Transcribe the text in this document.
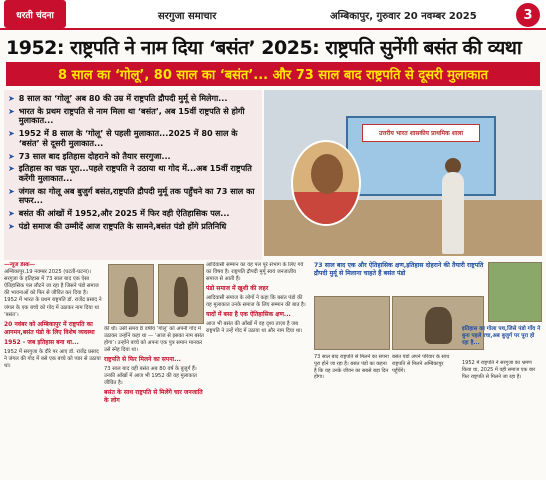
धरती चंदना	सरगुजा समाचार	अम्बिकापुर, गुरुवार 20 नवम्बर 2025	3
1952: राष्ट्रपति ने नाम दिया ‘बसंत’ 2025: राष्ट्रपति सुनेंगी बसंत की व्यथा
8 साल का ‘गोलू’, 80 साल का ‘बसंत’... और 73 साल बाद राष्ट्रपति से दूसरी मुलाकात
➤ 8 साल का ‘गोलू’ अब 80 की उम्र में राष्ट्रपति द्रौपदी मुर्मू से मिलेगा...
➤ भारत के प्रथम राष्ट्रपति से नाम मिला था ‘बसंत’, अब 15वीं राष्ट्रपति से होगी मुलाकात...
➤ 1952 में 8 साल के ‘गोलू’ से पहली मुलाकात...2025 में 80 साल के ‘बसंत’ से दूसरी मुलाकात...
➤ 73 साल बाद इतिहास दोहराने को तैयार सरगुजा...
➤ इतिहास का चक्र पूरा...पहले राष्ट्रपति ने उठाया था गोद में...अब 15वीं राष्ट्रपति करेंगी मुलाकात...
➤ जंगल का गोलू अब बुजुर्ग बसंत,राष्ट्रपति द्रौपदी मुर्मू तक पहुँचने का 73 साल का सफर...
➤ बसंत की आंखों में 1952,और 2025 में फिर वही ऐतिहासिक पल...
➤ पंडो समाज की उम्मीदें आज राष्ट्रपति के सामने,बसंत पंडो होंगे प्रतिनिधि
उत्तरीय भारत शासकीय प्राथमिक शाला
—न्यूज डेस्क—
अम्बिकापुर,19 नवम्बर 2025 (घटती-घटना)। सरगुजा के इतिहास में 73 साल बाद एक ऐसा ऐतिहासिक पल लौटने जा रहा है जिसने पंडो समाज की भावनाओं को फिर से जीवित कर दिया है। 1952 में भारत के प्रथम राष्ट्रपति डॉ. राजेंद्र प्रसाद ने जंगल के एक बच्चे को गोद में उठाकर नाम दिया था ‘बसंत’।
20 नवंबर को अम्बिकापुर में राष्ट्रपति का आगमन,बसंत पंडो के लिए विशेष व्यवस्था
1952 - जब इतिहास बना था...
1952 में सरगुजा के दौरे पर आए डॉ. राजेंद्र प्रसाद ने जंगल की गोद में बसे एक बच्चे को प्यार से उठाया था।
की थी। उसी समय 8 वर्षीय ‘गोलू’ को अपनी गोद में उठाकर उन्होंने कहा था — ‘आज से इसका नाम बसंत होगा’। उन्होंने बच्चे को अपना एक पुत्र समान मानकर उसे स्नेह दिया था।
राष्ट्रपति से फिर मिलने का सपना...
73 साल बाद वही बसंत अब 80 वर्ष के बुजुर्ग हैं। उनकी आँखों में आज भी 1952 की वह मुलाकात जीवित है।
बसंत के साथ राष्ट्रपति से मिलेंगे चार जनजाति के लोग
आदिवासी सम्मान का यह पल पूरे संभाग के लिए गर्व का विषय है। राष्ट्रपति द्रौपदी मुर्मू स्वयं जनजातीय समाज से आती हैं।
पंडो समाज में खुशी की लहर
आदिवासी समाज के लोगों ने कहा कि बसंत पंडो की यह मुलाकात उनके समाज के लिए सम्मान की बात है।
यादों में बसा है एक ऐतिहासिक क्षण...
आज भी बसंत की आँखों में वह दृश्य ताज़ा है जब राष्ट्रपति ने उन्हें गोद में उठाया था और नाम दिया था।
73 साल बाद एक और ऐतिहासिक क्षण,इतिहास दोहराने की तैयारी राष्ट्रपति द्रौपदी मुर्मू से मिलाना चाहते हैं बसंत पंडो
73 साल बाद राष्ट्रपति से मिलने का सपना पूरा होने जा रहा है। बसंत पंडो का कहना है कि यह उनके जीवन का सबसे बड़ा दिन होगा।
बसंत पंडो अपने परिवार के साथ राष्ट्रपति से मिलने अम्बिकापुर पहुँचेंगे।
इतिहास का गोला पथ,जिसे पंडो गाँव ने बुना पहले रचा,अब बुजुर्ग पर पूरा हो रहा है...
1952 में राष्ट्रपति ने सरगुजा का भ्रमण किया था, 2025 में वही समाज एक बार फिर राष्ट्रपति से मिलने जा रहा है।
